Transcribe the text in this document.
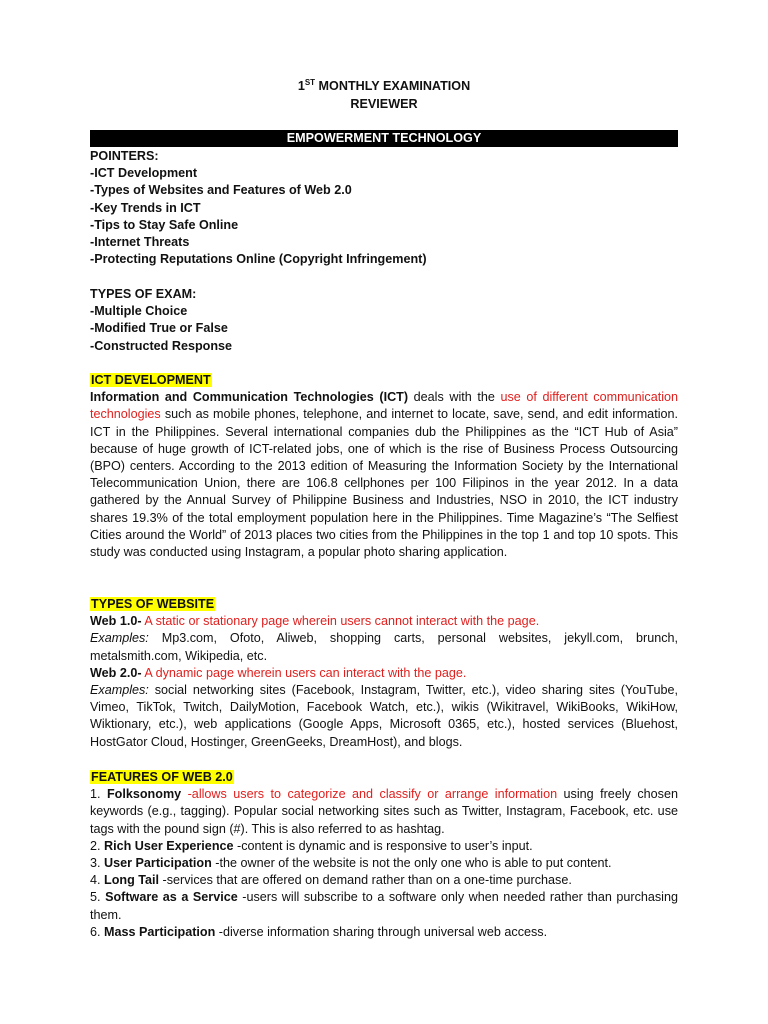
1ST MONTHLY EXAMINATION
REVIEWER
EMPOWERMENT TECHNOLOGY
POINTERS:
-ICT Development
-Types of Websites and Features of Web 2.0
-Key Trends in ICT
-Tips to Stay Safe Online
-Internet Threats
-Protecting Reputations Online (Copyright Infringement)
TYPES OF EXAM:
-Multiple Choice
-Modified True or False
-Constructed Response
ICT DEVELOPMENT
Information and Communication Technologies (ICT) deals with the use of different communication technologies such as mobile phones, telephone, and internet to locate, save, send, and edit information. ICT in the Philippines. Several international companies dub the Philippines as the “ICT Hub of Asia” because of huge growth of ICT-related jobs, one of which is the rise of Business Process Outsourcing (BPO) centers. According to the 2013 edition of Measuring the Information Society by the International Telecommunication Union, there are 106.8 cellphones per 100 Filipinos in the year 2012. In a data gathered by the Annual Survey of Philippine Business and Industries, NSO in 2010, the ICT industry shares 19.3% of the total employment population here in the Philippines. Time Magazine’s “The Selfiest Cities around the World” of 2013 places two cities from the Philippines in the top 1 and top 10 spots. This study was conducted using Instagram, a popular photo sharing application.
TYPES OF WEBSITE
Web 1.0- A static or stationary page wherein users cannot interact with the page.
Examples: Mp3.com, Ofoto, Aliweb, shopping carts, personal websites, jekyll.com, brunch, metalsmith.com, Wikipedia, etc.
Web 2.0- A dynamic page wherein users can interact with the page.
Examples: social networking sites (Facebook, Instagram, Twitter, etc.), video sharing sites (YouTube, Vimeo, TikTok, Twitch, DailyMotion, Facebook Watch, etc.), wikis (Wikitravel, WikiBooks, WikiHow, Wiktionary, etc.), web applications (Google Apps, Microsoft 0365, etc.), hosted services (Bluehost, HostGator Cloud, Hostinger, GreenGeeks, DreamHost), and blogs.
FEATURES OF WEB 2.0
1. Folksonomy -allows users to categorize and classify or arrange information using freely chosen keywords (e.g., tagging). Popular social networking sites such as Twitter, Instagram, Facebook, etc. use tags with the pound sign (#). This is also referred to as hashtag.
2. Rich User Experience -content is dynamic and is responsive to user’s input.
3. User Participation -the owner of the website is not the only one who is able to put content.
4. Long Tail -services that are offered on demand rather than on a one-time purchase.
5. Software as a Service -users will subscribe to a software only when needed rather than purchasing them.
6. Mass Participation -diverse information sharing through universal web access.
